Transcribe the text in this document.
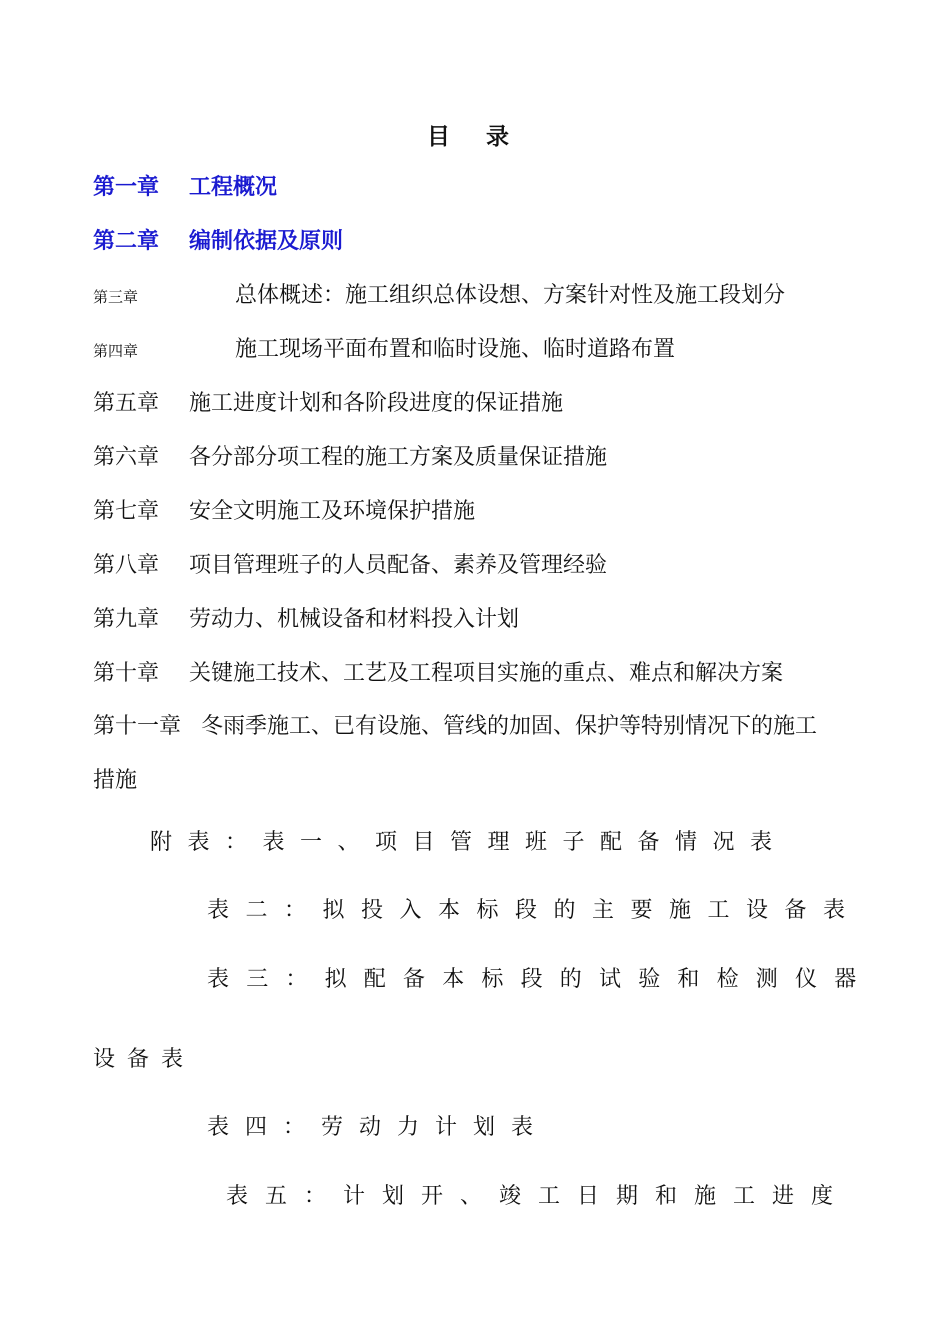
目 录
第一章 工程概况
第二章 编制依据及原则
第三章	总体概述：施工组织总体设想、方案针对性及施工段划分
第四章	施工现场平面布置和临时设施、临时道路布置
第五章 施工进度计划和各阶段进度的保证措施
第六章 各分部分项工程的施工方案及质量保证措施
第七章 安全文明施工及环境保护措施
第八章 项目管理班子的人员配备、素养及管理经验
第九章 劳动力、机械设备和材料投入计划
第十章 关键施工技术、工艺及工程项目实施的重点、难点和解决方案
第十一章 冬雨季施工、已有设施、管线的加固、保护等特别情况下的施工
措施
附表：表一、项目管理班子配备情况表
表二：拟投入本标段的主要施工设备表
表三：拟配备本标段的试验和检测仪器
设备表
表四：劳动力计划表
表五：计划开、竣工日期和施工进度
